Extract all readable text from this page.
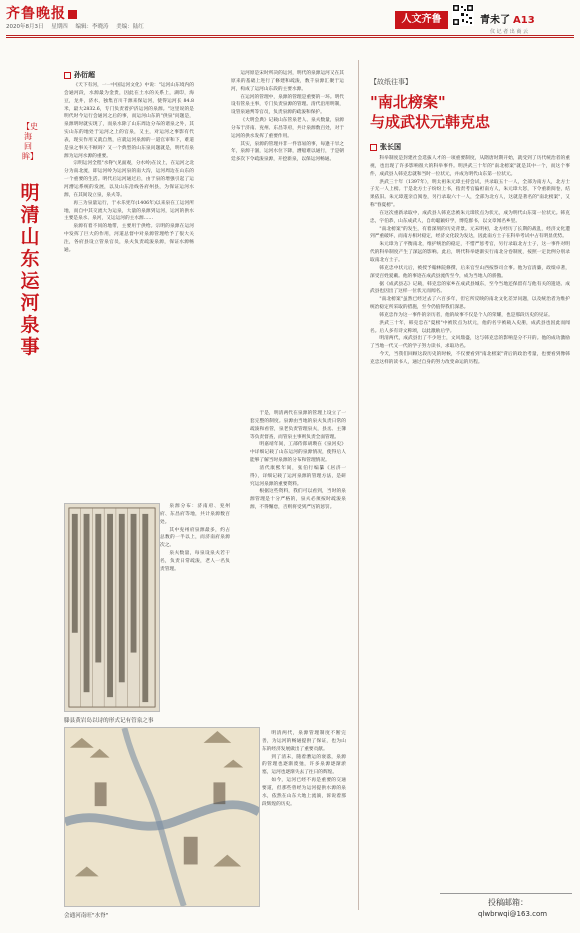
齐鲁晚报
2020年8月3日 星期四 编辑：李晓涛 美编：陆红
人文齐鲁	青未了 A13
仪 记 者 出 商 云
孙衍超
【史海回眸】
明清山东运河泉事

《天下有河，一一中国运河文化》中说："运河山东境内的会通河段，水源最为金贵，因此在土水的关系上，湖印，海豆，龙井，济水，独集百川千源来保运河，使得运河长 84.8米，最大2832.6，专门负责着护济运河的泉源。"这里说的是明代时今运行会通河之后的事，而运河山东的"供泉"问题是，泉源明时就实现了，而泉水除了山东周边分布的诸泉之外，其实山东的地处于运河之上的官泉，又主，对运河之事影有代表，现实作用又就自然，应就运河泉源的一道官审和下，难道是泉之事关不顾吗？又一个典型的山东泉问题就是，明代有泉源为运河水源的重要。

宗明运河全程"水脊"(见面观，分水岭)在汶上，在运河之北分为南北流，即运河岭为运河泉的南大沟，运河周边在山东的一个重要的生活。明代后运河通过后，由于泉的增强引起了运河漕运系统的发展，以及山东沿线各府州县，为保证运河水源，在其间设立泉，泉夫等。

再三为泉量运行，于永乐宪年(1406年)以来泉在工运河所地，而自中其交流大为运泉，大量的泉源到运河，运河的供水主要是泉水、泉河，又运运河的主水源……

泉源有着不同的地带，主要用于供给。宗明的泉源在运河中发挥了巨大的作用，河道总督中对泉源管理给予了很大关注，各府县设立管泉官员，泉夫负责疏浚泉源，保证水源畅通。

运河原是宋时所决的运河，明代的泉源运河又在其原来的基础上进行了修建和疏浚，数千泉源汇聚于运河，构成了运河山东段的主要水源。

在运河的管理中，泉源的管理是重要的一环。明代设有管泉主事，专门负责泉源的管理。清代沿用明制，设管泉通判等官员，负责泉源的疏浚和保护。

《大明会典》记载山东管泉老人、泉夫数量，泉源分布于济南、兖州、东昌等府，共计泉源数百处，对于运河的供水发挥了重要作用。

其实，泉源的管理并非一件容易的事，每逢干旱之年，泉源干涸，运河水位下降，漕船难以通行，于是朝廷多次下令疏浚泉源，开挖新泉，以保运河畅通。

于是，明清两代在泉源的管理上设立了一套完整的制度。泉源由当地的泉夫负责日常的疏浚和看管，泉老负责管理泉夫，县丞、主簿等负责督查，而管泉主事则负责全面管理。

明嘉靖年间，工部侍郎胡瓒在《泉河史》中详细记载了山东运河的泉源情况，使得后人能够了解当时泉源的分布和管理情况。

清代康熙年间，张伯行编纂《居济一得》，详细记载了运河泉源的管理方法，是研究运河泉源的重要资料。

根据这些资料，我们可以看到，当时的泉源管理是十分严格的，泉夫必须按时疏浚泉源，不得懈怠，否则将受到严厉的惩罚。

泉源分布：济南府、兖州府、东昌府等地，共计泉源数百处。

其中兖州府泉源最多，约占总数的一半以上，而济南府泉源次之。

泉夫数量，每泉设泉夫若干名，负责日常疏浚，老人一名负责管理。

明清两代，泉源管理制度不断完善，为运河的畅通提供了保证，也为山东的经济发展做出了重要贡献。

到了清末，随着漕运的衰落，泉源的管理也逐渐废弛，许多泉源逐渐淤塞，运河也逐渐失去了往日的辉煌。

如今，运河已经不再是重要的交通要道，但那些曾经为运河提供水源的泉水，依然在山东大地上流淌，诉说着那段辉煌的历史。

滕县黄岩岛以诗的形式记有管泉之事
会通河南旺"水脊"
【故纸往事】
"南北榜案"
与成武状元韩克忠
张长国

科举制度是封建社会选拔人才的一项重要制度，从隋唐时期开始，就受到了历代统治者的重视，也出现了许多影响很大的科举事件。明洪武三十年的"南北榜案"就是其中一个，而这个事件，成武县人韩克忠就和当时一位状元，并成为明代山东第一位状元。

洪武三十年（1397年），明太祖朱元璋主持会试，共录取五十一人，全部为南方人，北方士子无一人上榜。于是北方士子纷纷上书，指责考官偏袒南方人，朱元璋大怒，下令重新阅卷，结果依旧。朱元璋遂亲自阅卷，另行录取六十一人，全部为北方人，这就是著名的"南北榜案"，又称"春夏榜"。

在这次重新录取中，成武县人韩克忠被朱元璋钦点为状元，成为明代山东第一位状元。韩克忠，字伯恭，山东成武人，自幼聪颖好学，博览群书，以文章闻名乡里。

"南北榜案"的发生，有着深刻的历史背景。元末明初，北方经历了长期的战乱，经济文化遭到严重破坏，而南方相对稳定，经济文化较为发达，因此南方士子在科举考试中占有明显优势。

朱元璋为了平衡南北，维护统治的稳定，不惜严惩考官，另行录取北方士子，这一事件对明代的科举制度产生了深远的影响。此后，明代科举逐渐实行南北分卷制度，按照一定比例分别录取南北方士子。

韩克忠中状元后，被授予翰林院修撰，后来官至山西按察司佥事。他为官清廉，政绩卓著，深受百姓爱戴。他的事迹在成武县流传至今，成为当地人的骄傲。

据《成武县志》记载，韩克忠的家乡在成武县城东，至今当地还保留有与他有关的遗迹。成武县也因出了这样一位状元而闻名。

"南北榜案"虽然已经过去了六百多年，但它所反映的南北文化差异问题，以及统治者为维护统治稳定所采取的措施，至今仍值得我们深思。

韩克忠作为这一事件的亲历者，他的故事不仅是个人的荣耀，也是那段历史的见证。

洪武三十年，韩克忠在"夏榜"中被钦点为状元，他的名字被载入史册，成武县也因此而闻名。后人多有诗文称颂，以此激励后学。

明清两代，成武县出了不少进士，文风鼎盛，这与韩克忠的影响是分不开的。他的成功激励了当地一代又一代的学子努力读书，求取功名。

今天，当我们回顾这段历史的时候，不仅要看到"南北榜案"背后的政治考量，也要看到像韩克忠这样的读书人，通过自身的努力改变命运的历程。

投稿邮箱：
qlwbrwqi@163.com
